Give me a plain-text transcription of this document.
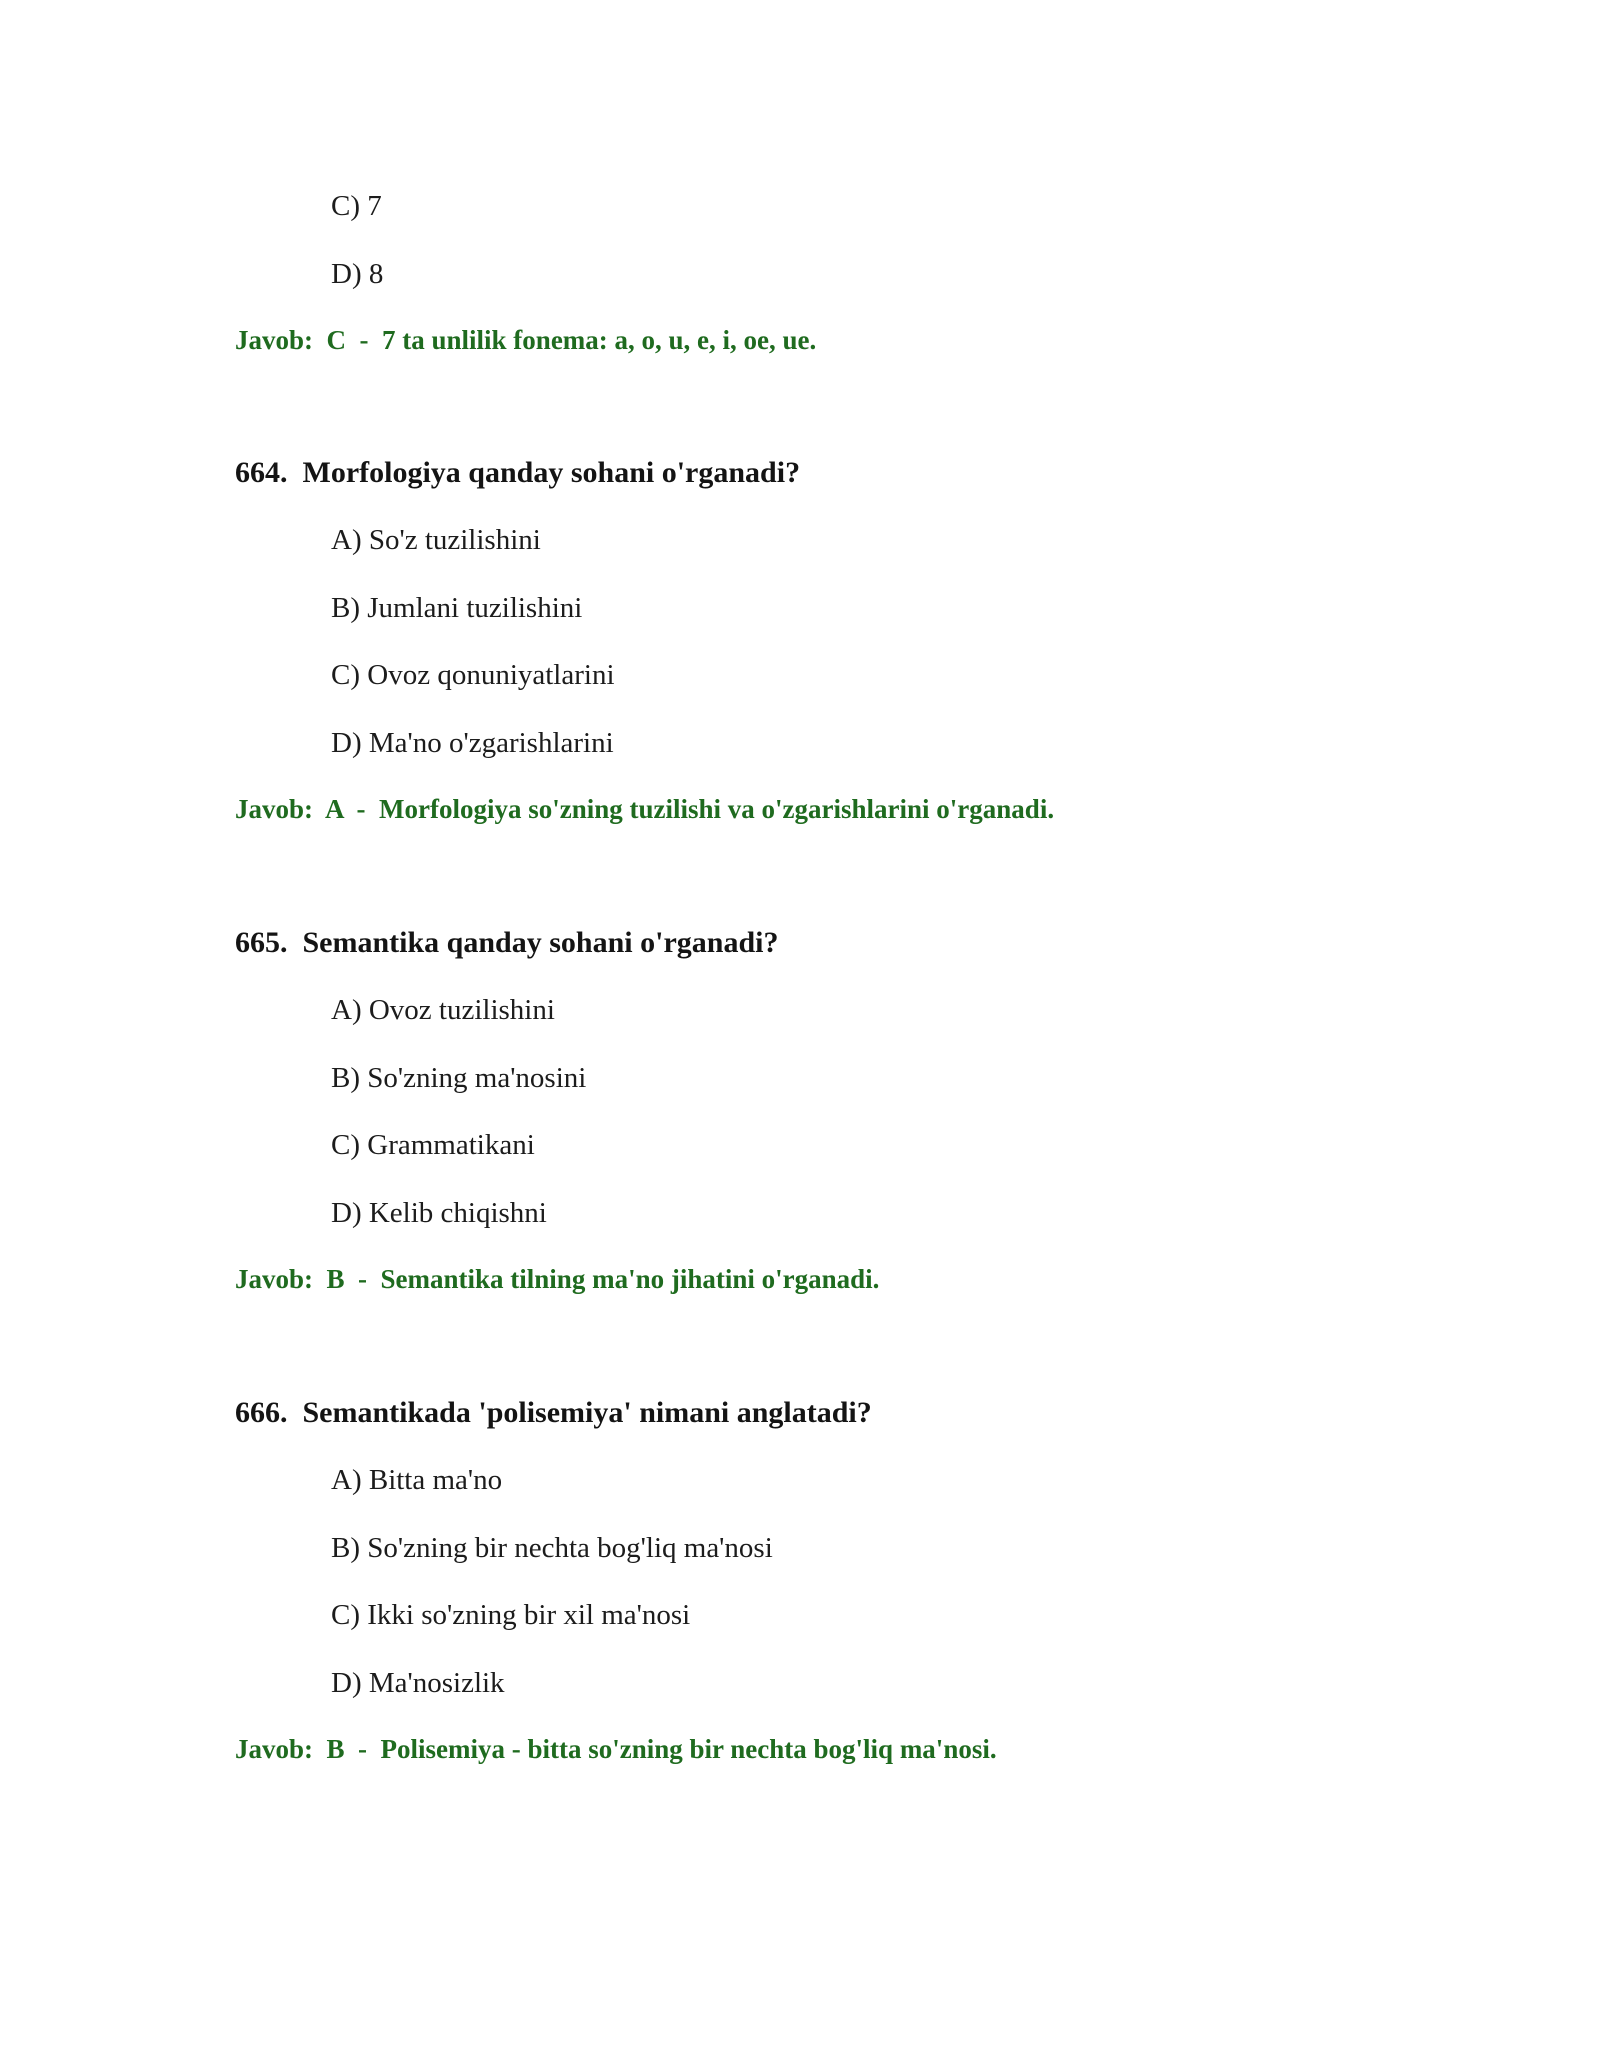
C) 7
D) 8
Javob: C - 7 ta unlilik fonema: a, o, u, e, i, oe, ue.
664. Morfologiya qanday sohani o'rganadi?
A) So'z tuzilishini
B) Jumlani tuzilishini
C) Ovoz qonuniyatlarini
D) Ma'no o'zgarishlarini
Javob: A - Morfologiya so'zning tuzilishi va o'zgarishlarini o'rganadi.
665. Semantika qanday sohani o'rganadi?
A) Ovoz tuzilishini
B) So'zning ma'nosini
C) Grammatikani
D) Kelib chiqishni
Javob: B - Semantika tilning ma'no jihatini o'rganadi.
666. Semantikada 'polisemiya' nimani anglatadi?
A) Bitta ma'no
B) So'zning bir nechta bog'liq ma'nosi
C) Ikki so'zning bir xil ma'nosi
D) Ma'nosizlik
Javob: B - Polisemiya - bitta so'zning bir nechta bog'liq ma'nosi.
